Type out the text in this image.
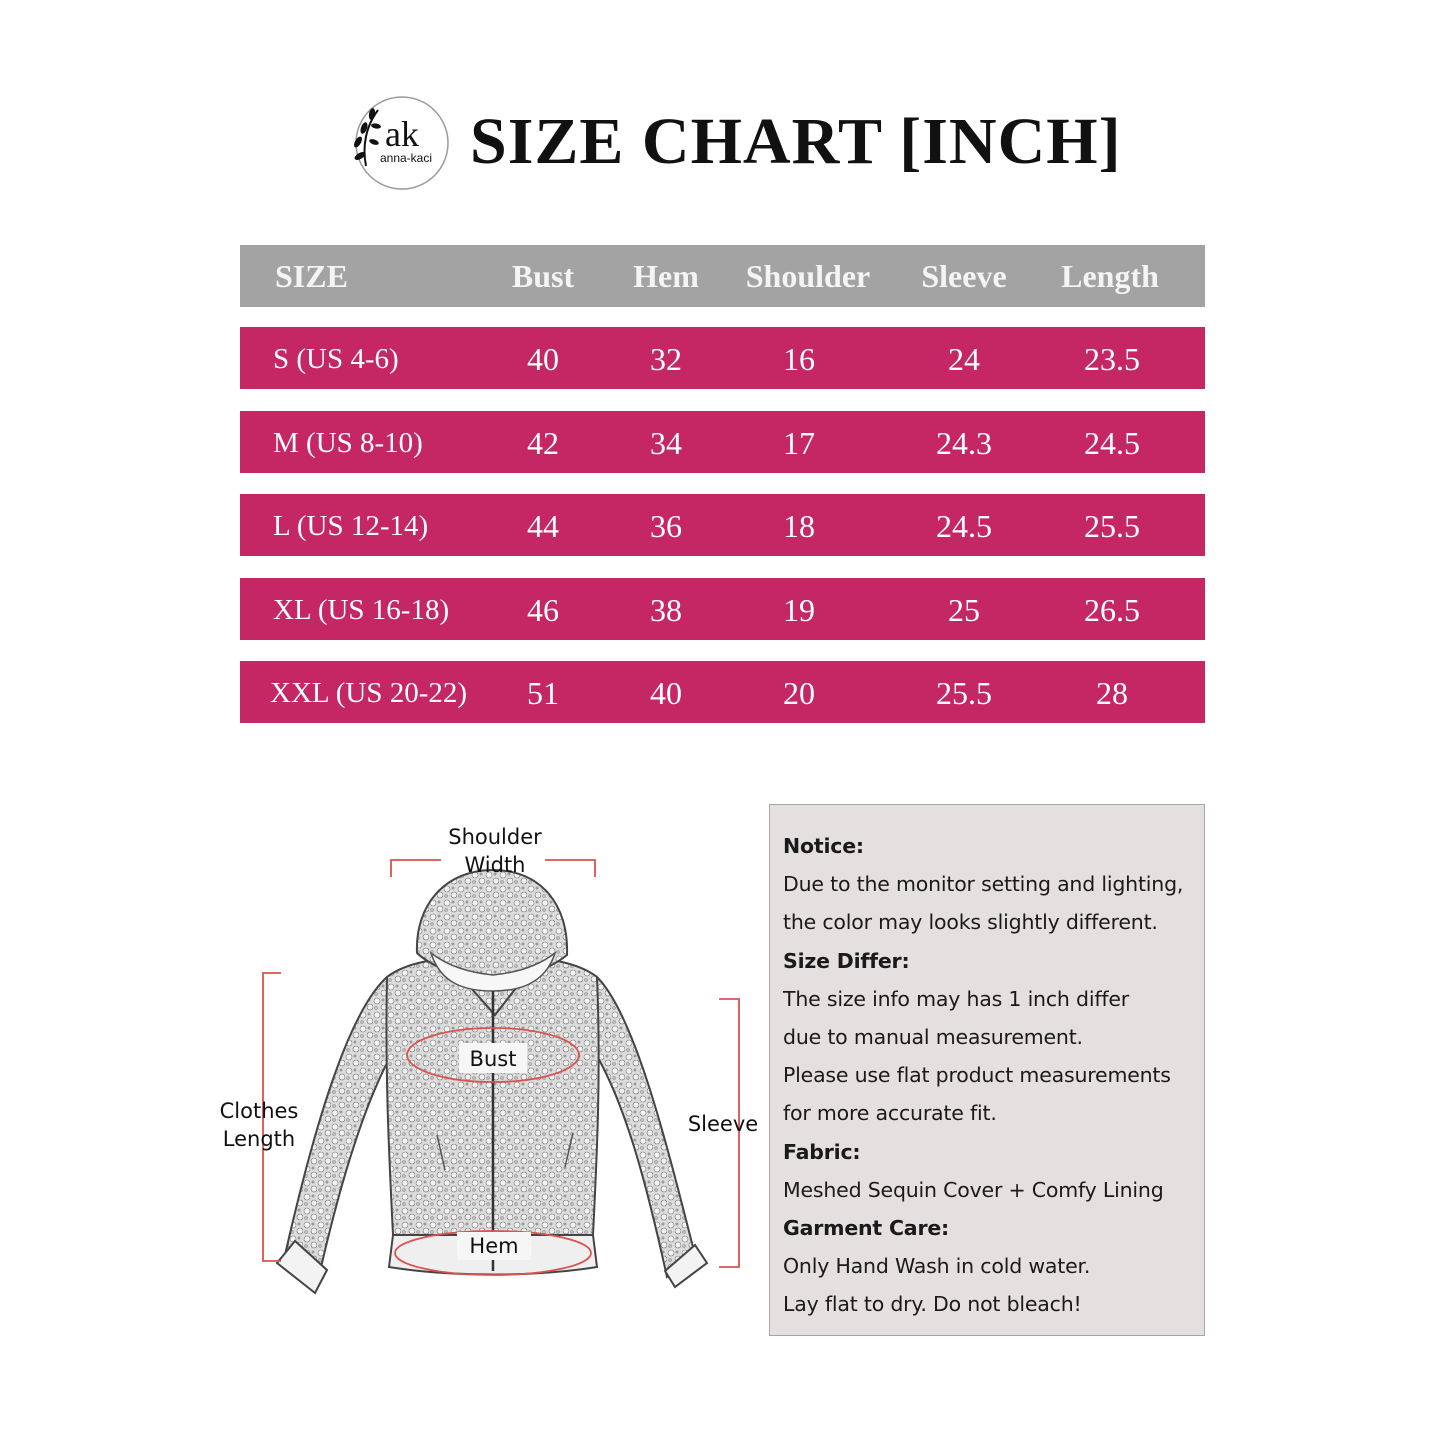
ak
anna-kaci SIZE CHART [INCH]
SIZE	Bust	Hem	Shoulder	Sleeve	Length
S (US 4-6)	40	32	16	24	23.5
M (US 8-10)	42	34	17	24.3	24.5
L (US 12-14)	44	36	18	24.5	25.5
XL (US 16-18)	46	38	19	25	26.5
XXL (US 20-22)	51	40	20	25.5	28
Shoulder
Width
Bust
Hem
Clothes
Length
Sleeve

Notice:

Due to the monitor setting and lighting,

the color may looks slightly different.

Size Differ:

The size info may has 1 inch differ

due to manual measurement.

Please use flat product measurements

for more accurate fit.

Fabric:

Meshed Sequin Cover + Comfy Lining

Garment Care:

Only Hand Wash in cold water.

Lay flat to dry. Do not bleach!
